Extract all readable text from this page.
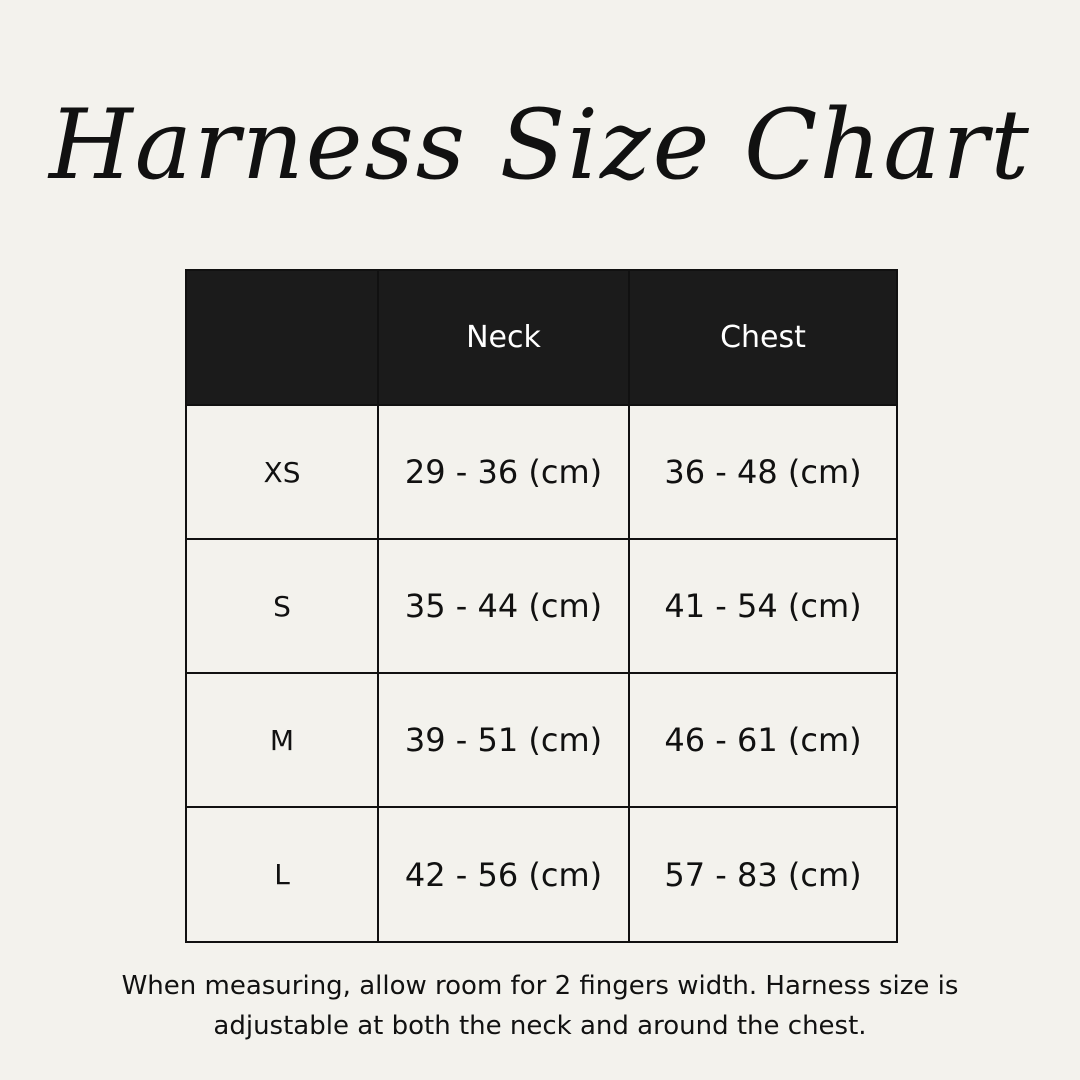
Harness Size Chart
	Neck	Chest
XS	29 - 36 (cm)	36 - 48 (cm)
S	35 - 44 (cm)	41 - 54 (cm)
M	39 - 51 (cm)	46 - 61 (cm)
L	42 - 56 (cm)	57 - 83 (cm)
When measuring, allow room for 2 fingers width. Harness size is
adjustable at both the neck and around the chest.
